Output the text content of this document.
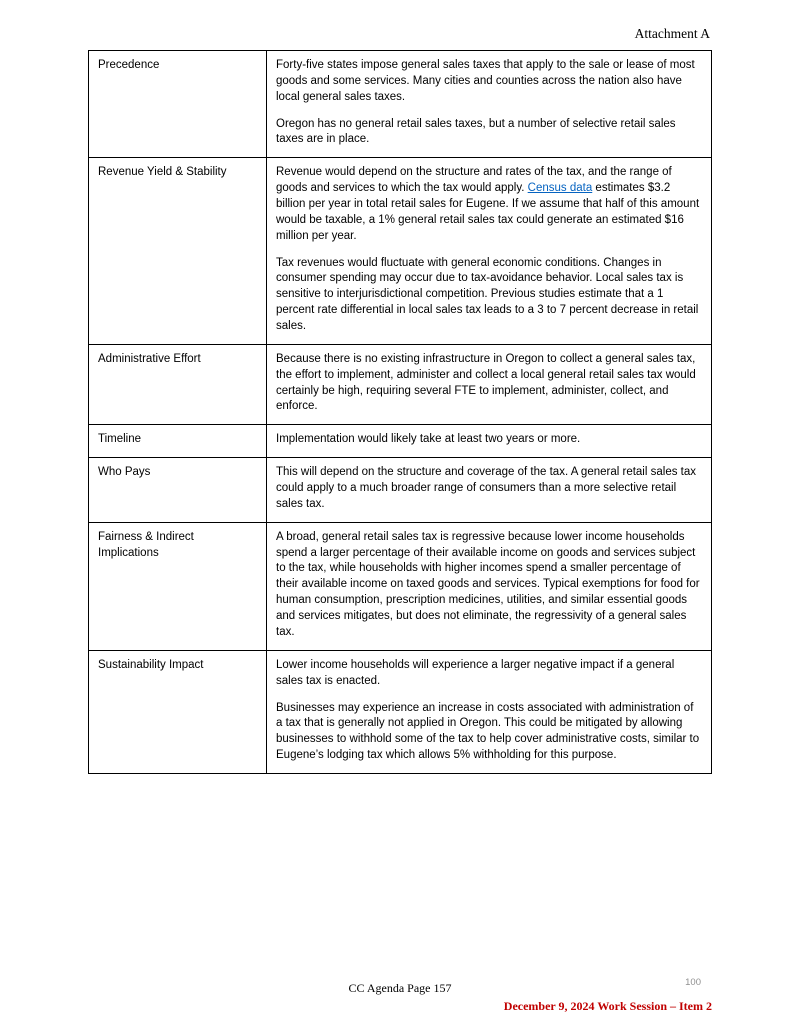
Attachment A
Precedence	Forty-five states impose general sales taxes that apply to the sale or lease of most goods and some services. Many cities and counties across the nation also have local general sales taxes.

Oregon has no general retail sales taxes, but a number of selective retail sales taxes are in place.

Revenue Yield & Stability	Revenue would depend on the structure and rates of the tax, and the range of goods and services to which the tax would apply. Census data estimates $3.2 billion per year in total retail sales for Eugene. If we assume that half of this amount would be taxable, a 1% general retail sales tax could generate an estimated $16 million per year.

Tax revenues would fluctuate with general economic conditions. Changes in consumer spending may occur due to tax-avoidance behavior. Local sales tax is sensitive to interjurisdictional competition. Previous studies estimate that a 1 percent rate differential in local sales tax leads to a 3 to 7 percent decrease in retail sales.

Administrative Effort	Because there is no existing infrastructure in Oregon to collect a general sales tax, the effort to implement, administer and collect a local general retail sales tax would certainly be high, requiring several FTE to implement, administer, collect, and enforce.

Timeline	Implementation would likely take at least two years or more.

Who Pays	This will depend on the structure and coverage of the tax. A general retail sales tax could apply to a much broader range of consumers than a more selective retail sales tax.

Fairness & Indirect Implications	A broad, general retail sales tax is regressive because lower income households spend a larger percentage of their available income on goods and services subject to the tax, while households with higher incomes spend a smaller percentage of their available income on taxed goods and services. Typical exemptions for food for human consumption, prescription medicines, utilities, and similar essential goods and services mitigates, but does not eliminate, the regressivity of a general sales tax.

Sustainability Impact	Lower income households will experience a larger negative impact if a general sales tax is enacted.

Businesses may experience an increase in costs associated with administration of a tax that is generally not applied in Oregon. This could be mitigated by allowing businesses to withhold some of the tax to help cover administrative costs, similar to Eugene’s lodging tax which allows 5% withholding for this purpose.

CC Agenda Page 157	100
December 9, 2024 Work Session – Item 2
